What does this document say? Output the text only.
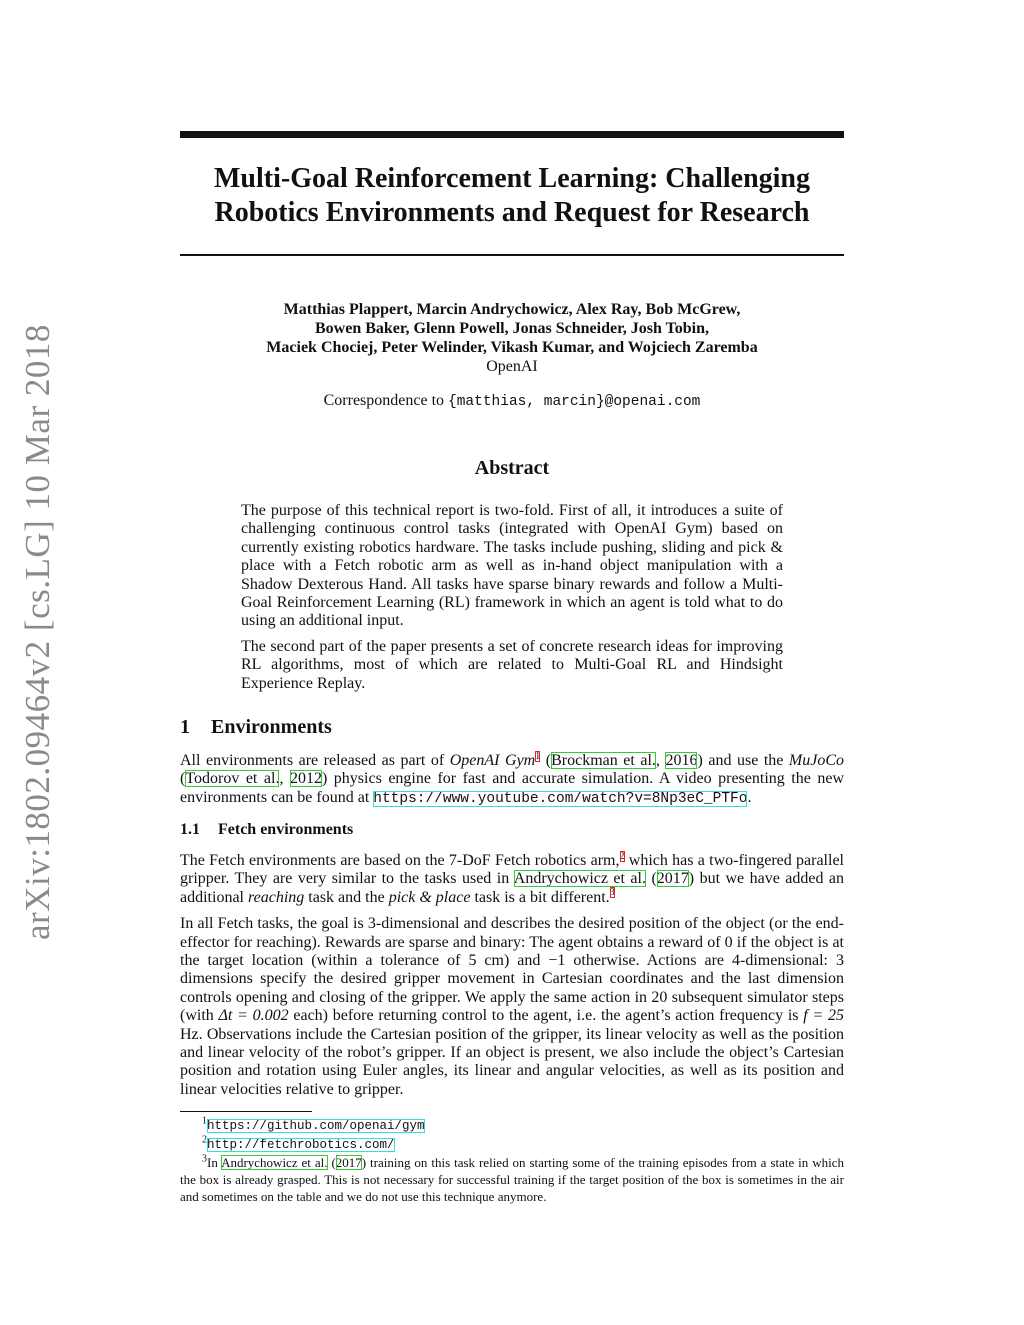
arXiv:1802.09464v2 [cs.LG] 10 Mar 2018
Multi-Goal Reinforcement Learning: Challenging
Robotics Environments and Request for Research
Matthias Plappert, Marcin Andrychowicz, Alex Ray, Bob McGrew,
Bowen Baker, Glenn Powell, Jonas Schneider, Josh Tobin,
Maciek Chociej, Peter Welinder, Vikash Kumar, and Wojciech Zaremba
OpenAI
Correspondence to {matthias, marcin}@openai.com
Abstract

The purpose of this technical report is two-fold. First of all, it introduces a suite of challenging continuous control tasks (integrated with OpenAI Gym) based on currently existing robotics hardware. The tasks include pushing, sliding and pick & place with a Fetch robotic arm as well as in-hand object manipulation with a Shadow Dexterous Hand. All tasks have sparse binary rewards and follow a Multi-Goal Reinforcement Learning (RL) framework in which an agent is told what to do using an additional input.

The second part of the paper presents a set of concrete research ideas for improving RL algorithms, most of which are related to Multi-Goal RL and Hindsight Experience Replay.

1 Environments

All environments are released as part of OpenAI Gym$^1$ (Brockman et al., 2016) and use the MuJoCo (Todorov et al., 2012) physics engine for fast and accurate simulation. A video presenting the new environments can be found at https://www.youtube.com/watch?v=8Np3eC_PTFo.

1.1 Fetch environments

The Fetch environments are based on the 7-DoF Fetch robotics arm,$^2$ which has a two-fingered parallel gripper. They are very similar to the tasks used in Andrychowicz et al. (2017) but we have added an additional reaching task and the pick & place task is a bit different.$^3$

In all Fetch tasks, the goal is 3-dimensional and describes the desired position of the object (or the end-effector for reaching). Rewards are sparse and binary: The agent obtains a reward of 0 if the object is at the target location (within a tolerance of 5 cm) and −1 otherwise. Actions are 4-dimensional: 3 dimensions specify the desired gripper movement in Cartesian coordinates and the last dimension controls opening and closing of the gripper. We apply the same action in 20 subsequent simulator steps (with Δt = 0.002 each) before returning control to the agent, i.e. the agent’s action frequency is f = 25 Hz. Observations include the Cartesian position of the gripper, its linear velocity as well as the position and linear velocity of the robot’s gripper. If an object is present, we also include the object’s Cartesian position and rotation using Euler angles, its linear and angular velocities, as well as its position and linear velocities relative to gripper.

$^1$https://github.com/openai/gym

$^2$http://fetchrobotics.com/

$^3$In Andrychowicz et al. (2017) training on this task relied on starting some of the training episodes from a state in which the box is already grasped. This is not necessary for successful training if the target position of the box is sometimes in the air and sometimes on the table and we do not use this technique anymore.
